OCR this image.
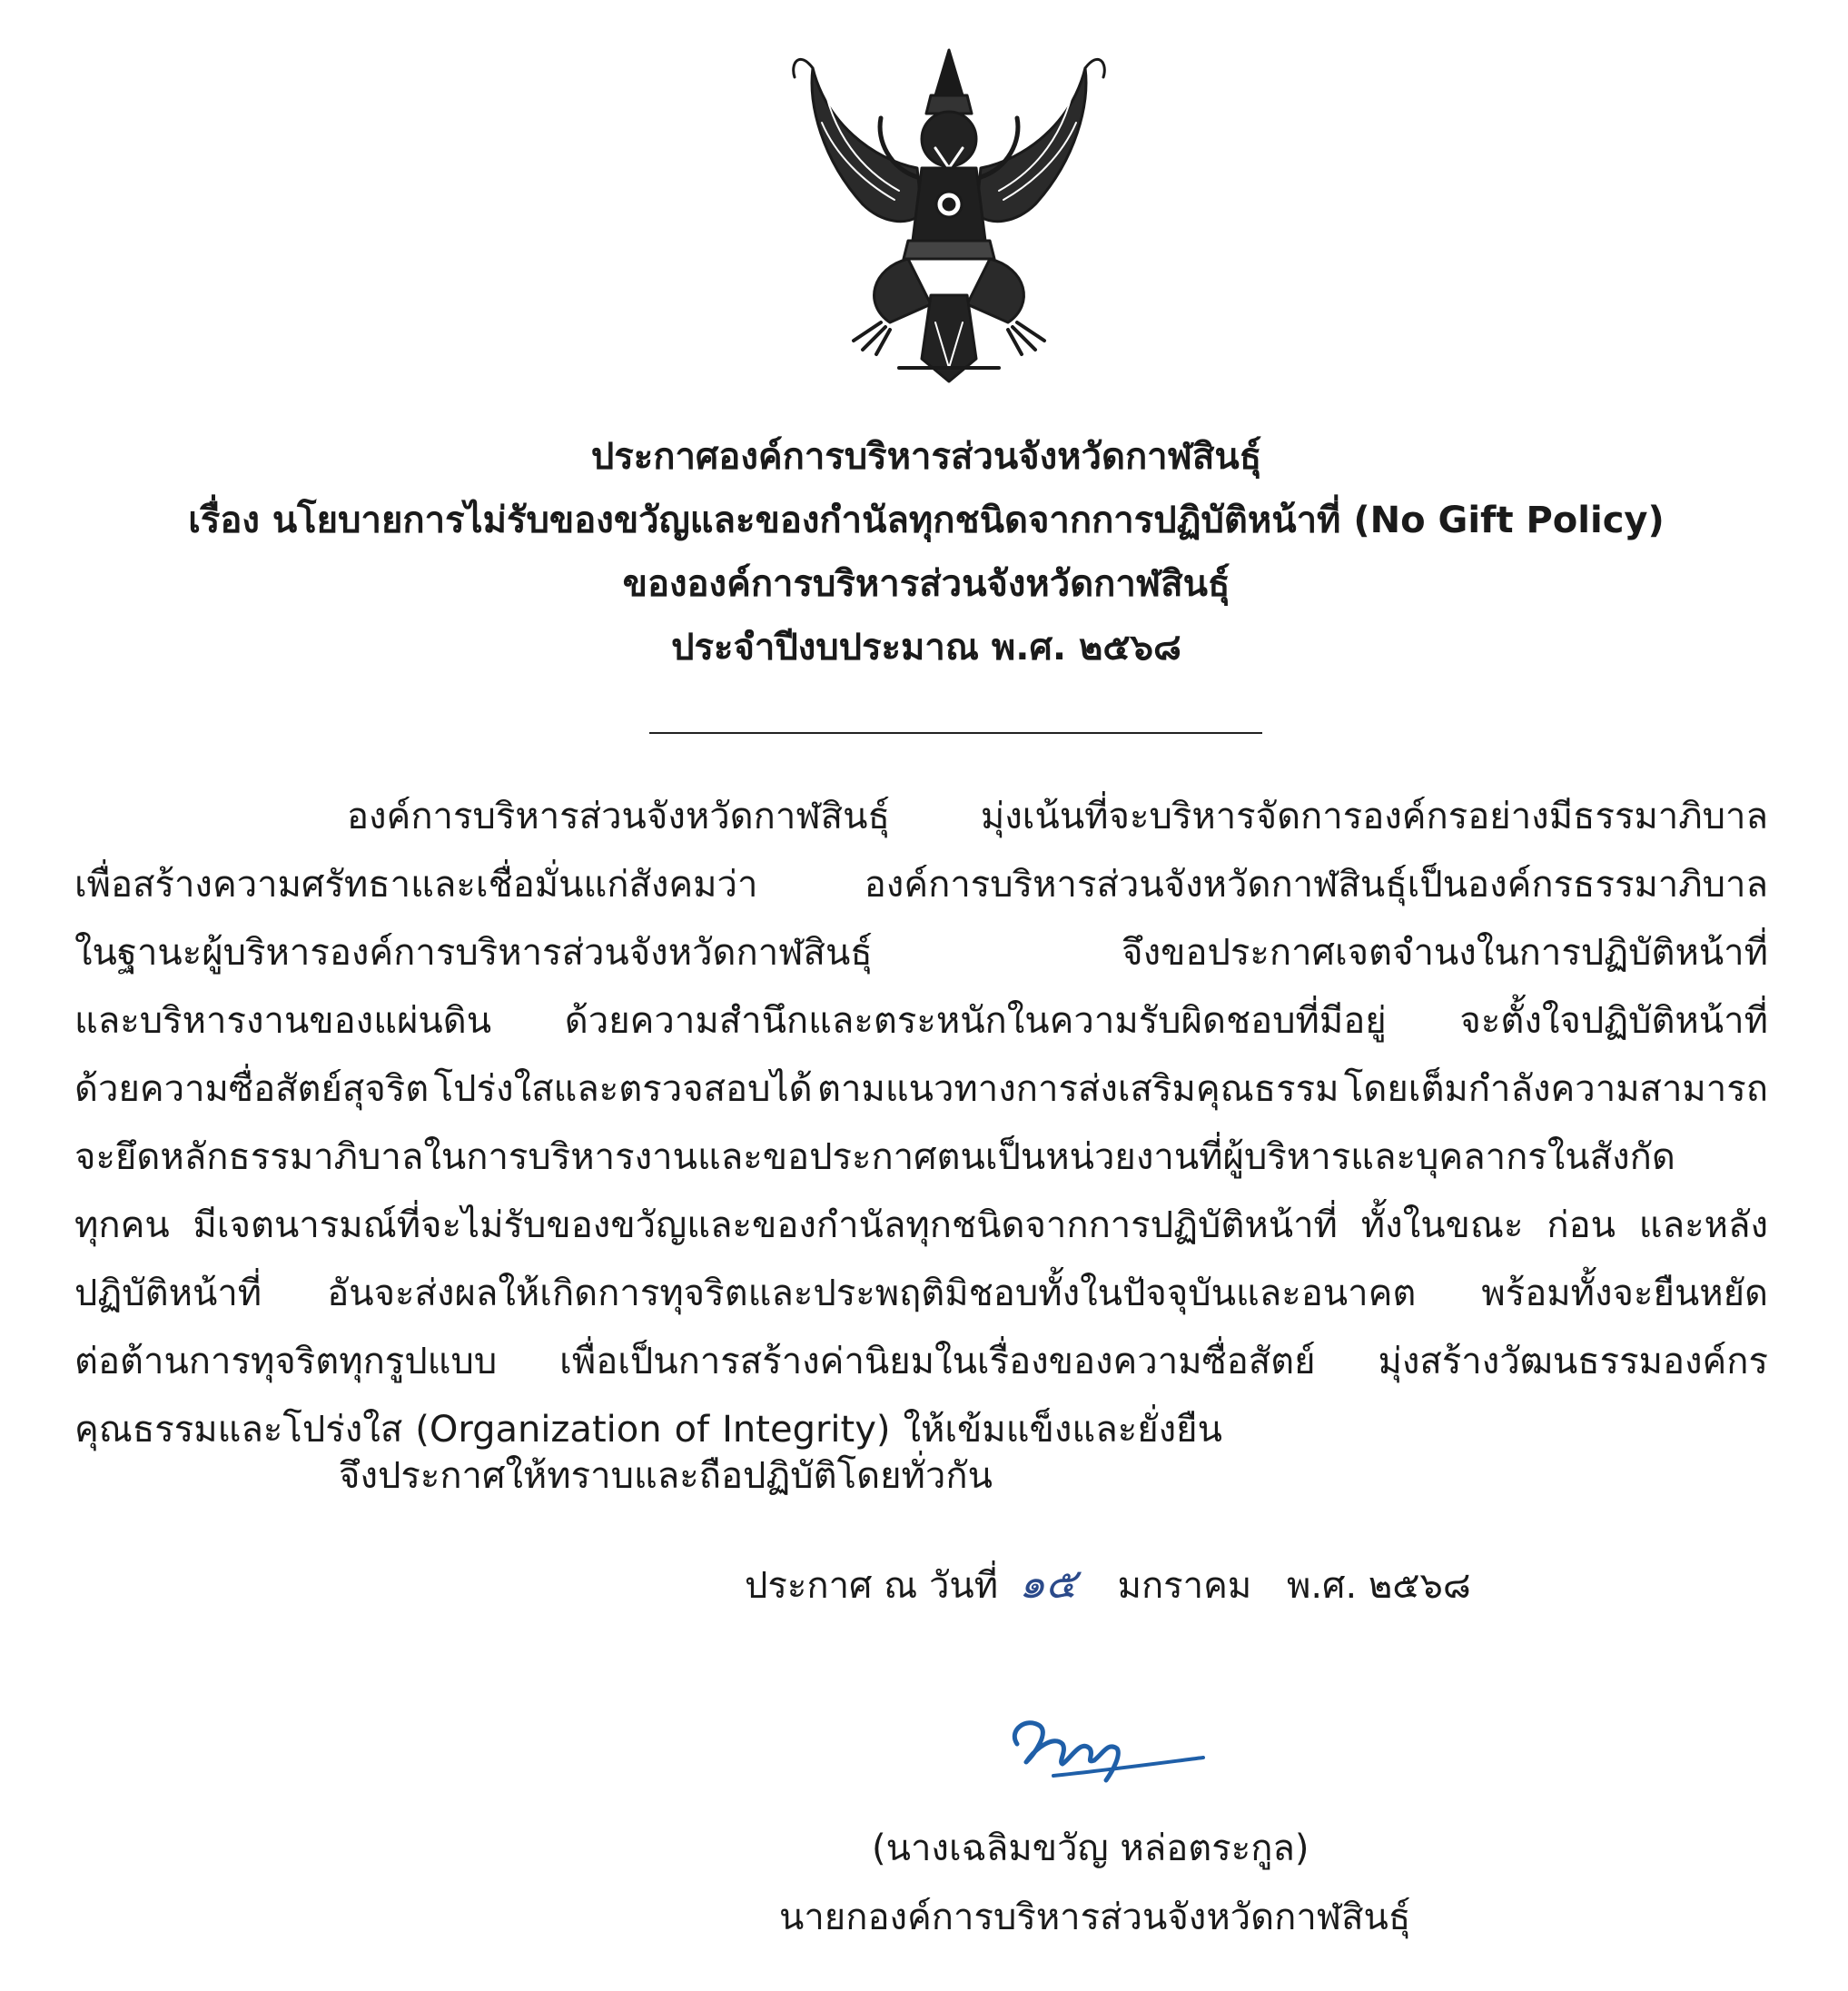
ประกาศองค์การบริหารส่วนจังหวัดกาฬสินธุ์
เรื่อง นโยบายการไม่รับของขวัญและของกำนัลทุกชนิดจากการปฏิบัติหน้าที่ (No Gift Policy)
ขององค์การบริหารส่วนจังหวัดกาฬสินธุ์
ประจำปีงบประมาณ พ.ศ. ๒๕๖๘
องค์การบริหารส่วนจังหวัดกาฬสินธุ์	มุ่งเน้นที่จะบริหารจัดการองค์กรอย่างมีธรรมาภิบาล
เพื่อสร้างความศรัทธาและเชื่อมั่นแก่สังคมว่า	องค์การบริหารส่วนจังหวัดกาฬสินธุ์เป็นองค์กรธรรมาภิบาล
ในฐานะผู้บริหารองค์การบริหารส่วนจังหวัดกาฬสินธุ์	จึงขอประกาศเจตจำนงในการปฏิบัติหน้าที่
และบริหารงานของแผ่นดิน ด้วยความสำนึกและตระหนักในความรับผิดชอบที่มีอยู่ จะตั้งใจปฏิบัติหน้าที่
ด้วยความซื่อสัตย์สุจริต โปร่งใสและตรวจสอบได้ ตามแนวทางการส่งเสริมคุณธรรม โดยเต็มกำลังความสามารถ
จะยึดหลักธรรมาภิบาลในการบริหารงานและขอประกาศตนเป็นหน่วยงานที่ผู้บริหารและบุคลากรในสังกัด
ทุกคน มีเจตนารมณ์ที่จะไม่รับของขวัญและของกำนัลทุกชนิดจากการปฏิบัติหน้าที่ ทั้งในขณะ ก่อน และหลัง
ปฏิบัติหน้าที่ อันจะส่งผลให้เกิดการทุจริตและประพฤติมิชอบทั้งในปัจจุบันและอนาคต พร้อมทั้งจะยืนหยัด
ต่อต้านการทุจริตทุกรูปแบบ เพื่อเป็นการสร้างค่านิยมในเรื่องของความซื่อสัตย์ มุ่งสร้างวัฒนธรรมองค์กร
คุณธรรมและโปร่งใส (Organization of Integrity) ให้เข้มแข็งและยั่งยืน
จึงประกาศให้ทราบและถือปฏิบัติโดยทั่วกัน
ประกาศ ณ วันที่ ๑๕ มกราคม พ.ศ. ๒๕๖๘
(นางเฉลิมขวัญ หล่อตระกูล)
นายกองค์การบริหารส่วนจังหวัดกาฬสินธุ์
